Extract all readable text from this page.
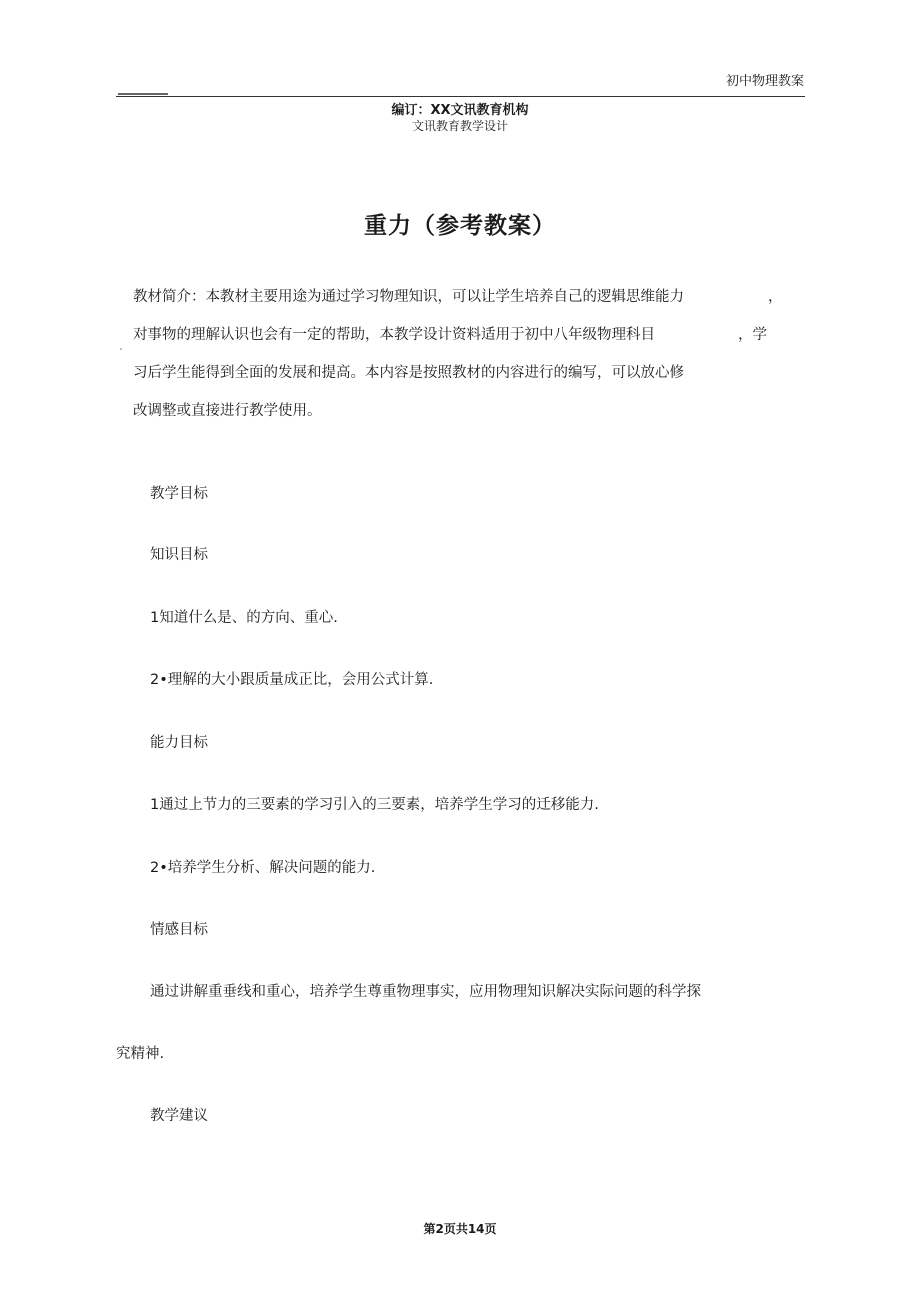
初中物理教案
编订：XX文讯教育机构
文讯教育教学设计
重力（参考教案）
教材简介：本教材主要用途为通过学习物理知识，可以让学生培养自己的逻辑思维能力	，
对事物的理解认识也会有一定的帮助，本教学设计资料适用于初中八年级物理科目	，学
习后学生能得到全面的发展和提高。本内容是按照教材的内容进行的编写，可以放心修
改调整或直接进行教学使用。
教学目标
知识目标
1知道什么是、的方向、重心.
2•理解的大小跟质量成正比，会用公式计算.
能力目标
1通过上节力的三要素的学习引入的三要素，培养学生学习的迁移能力.
2•培养学生分析、解决问题的能力.
情感目标
通过讲解重垂线和重心，培养学生尊重物理事实，应用物理知识解决实际问题的科学探
究精神.
教学建议
第2页共14页
